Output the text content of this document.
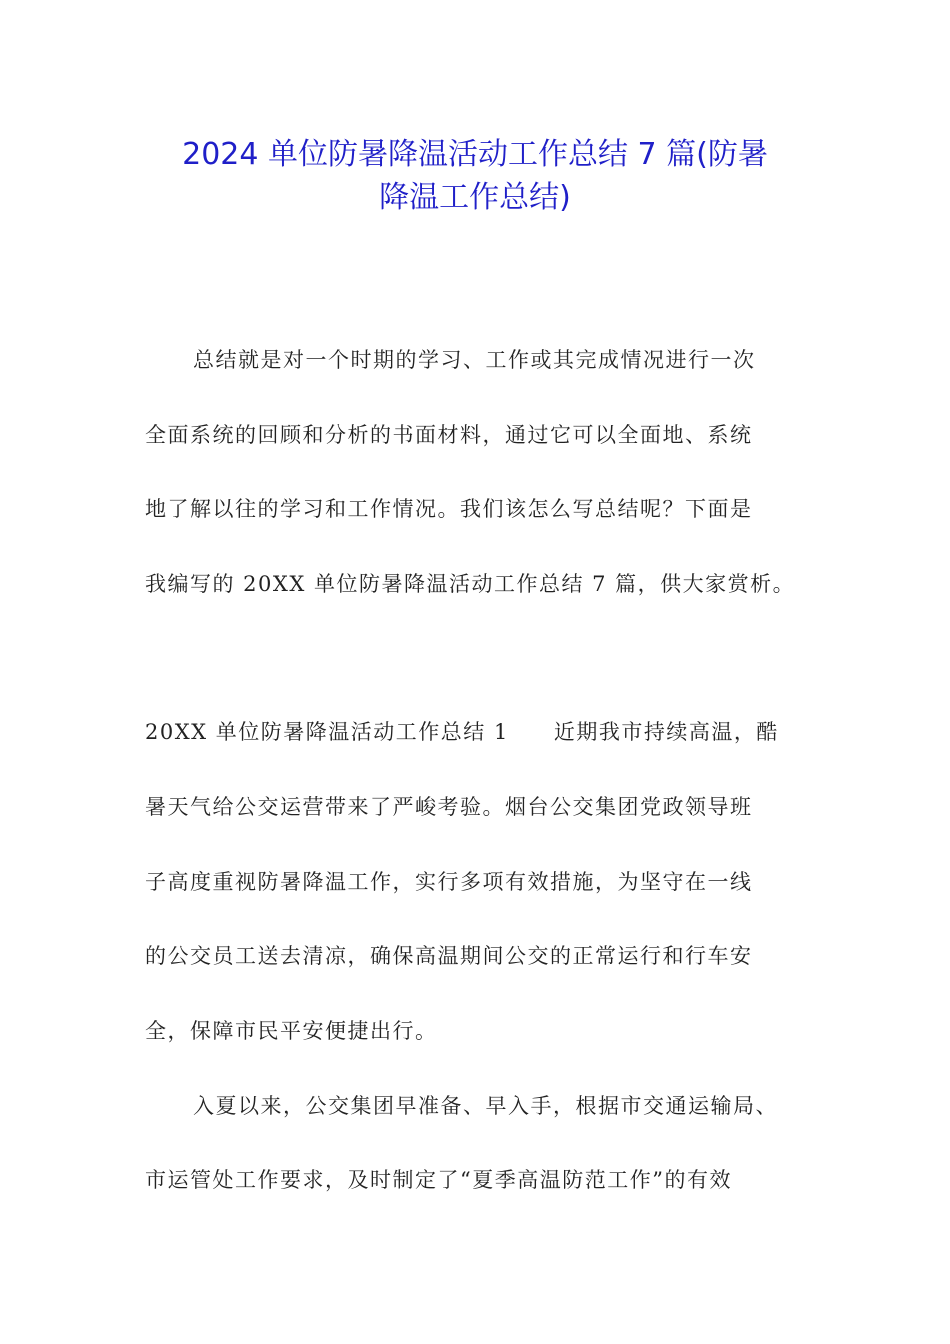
2024 单位防暑降温活动工作总结 7 篇(防暑
降温工作总结)
总结就是对一个时期的学习、工作或其完成情况进行一次
全面系统的回顾和分析的书面材料，通过它可以全面地、系统
地了解以往的学习和工作情况。我们该怎么写总结呢？下面是
我编写的 20XX 单位防暑降温活动工作总结 7 篇，供大家赏析。
20XX 单位防暑降温活动工作总结 1　　近期我市持续高温，酷
暑天气给公交运营带来了严峻考验。烟台公交集团党政领导班
子高度重视防暑降温工作，实行多项有效措施，为坚守在一线
的公交员工送去清凉，确保高温期间公交的正常运行和行车安
全，保障市民平安便捷出行。
入夏以来，公交集团早准备、早入手，根据市交通运输局、
市运管处工作要求，及时制定了“夏季高温防范工作”的有效
